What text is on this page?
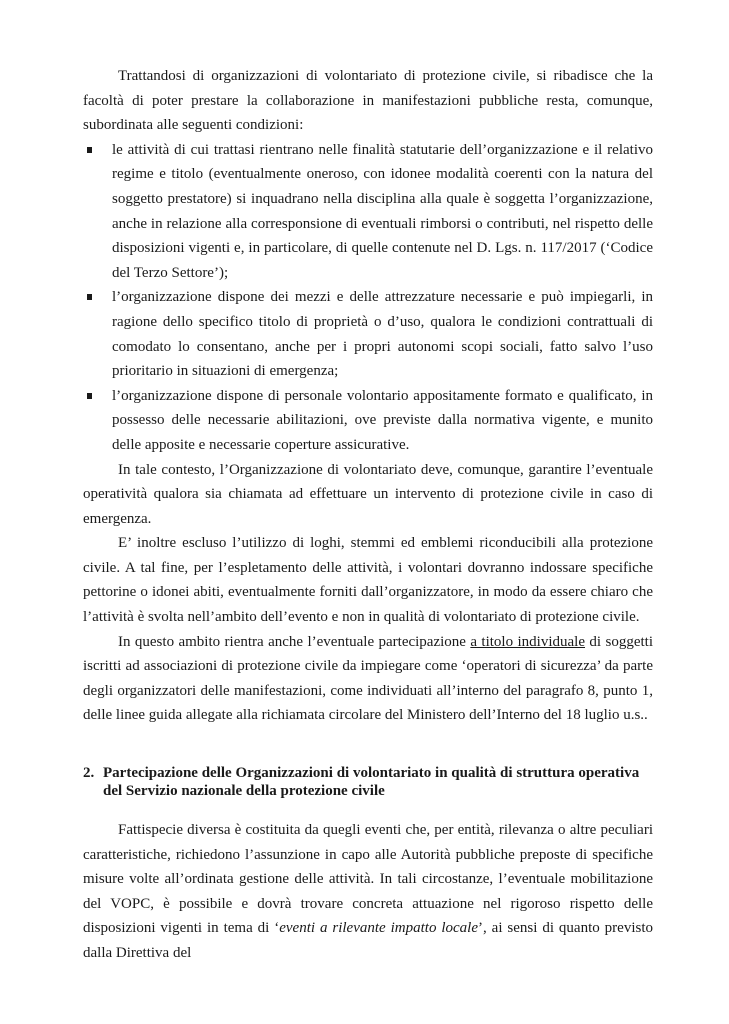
Trattandosi di organizzazioni di volontariato di protezione civile, si ribadisce che la facoltà di poter prestare la collaborazione in manifestazioni pubbliche resta, comunque, subordinata alle seguenti condizioni:

le attività di cui trattasi rientrano nelle finalità statutarie dell’organizzazione e il relativo regime e titolo (eventualmente oneroso, con idonee modalità coerenti con la natura del soggetto prestatore) si inquadrano nella disciplina alla quale è soggetta l’organizzazione, anche in relazione alla corresponsione di eventuali rimborsi o contributi, nel rispetto delle disposizioni vigenti e, in particolare, di quelle contenute nel D. Lgs. n. 117/2017 (‘Codice del Terzo Settore’);
l’organizzazione dispone dei mezzi e delle attrezzature necessarie e può impiegarli, in ragione dello specifico titolo di proprietà o d’uso, qualora le condizioni contrattuali di comodato lo consentano, anche per i propri autonomi scopi sociali, fatto salvo l’uso prioritario in situazioni di emergenza;
l’organizzazione dispone di personale volontario appositamente formato e qualificato, in possesso delle necessarie abilitazioni, ove previste dalla normativa vigente, e munito delle apposite e necessarie coperture assicurative.

In tale contesto, l’Organizzazione di volontariato deve, comunque, garantire l’eventuale operatività qualora sia chiamata ad effettuare un intervento di protezione civile in caso di emergenza.

E’ inoltre escluso l’utilizzo di loghi, stemmi ed emblemi riconducibili alla protezione civile. A tal fine, per l’espletamento delle attività, i volontari dovranno indossare specifiche pettorine o idonei abiti, eventualmente forniti dall’organizzatore, in modo da essere chiaro che l’attività è svolta nell’ambito dell’evento e non in qualità di volontariato di protezione civile.

In questo ambito rientra anche l’eventuale partecipazione a titolo individuale di soggetti iscritti ad associazioni di protezione civile da impiegare come ‘operatori di sicurezza’ da parte degli organizzatori delle manifestazioni, come individuati all’interno del paragrafo 8, punto 1, delle linee guida allegate alla richiamata circolare del Ministero dell’Interno del 18 luglio u.s..

2. Partecipazione delle Organizzazioni di volontariato in qualità di struttura operativa del Servizio nazionale della protezione civile

Fattispecie diversa è costituita da quegli eventi che, per entità, rilevanza o altre peculiari caratteristiche, richiedono l’assunzione in capo alle Autorità pubbliche preposte di specifiche misure volte all’ordinata gestione delle attività. In tali circostanze, l’eventuale mobilitazione del VOPC, è possibile e dovrà trovare concreta attuazione nel rigoroso rispetto delle disposizioni vigenti in tema di ‘eventi a rilevante impatto locale’, ai sensi di quanto previsto dalla Direttiva del
